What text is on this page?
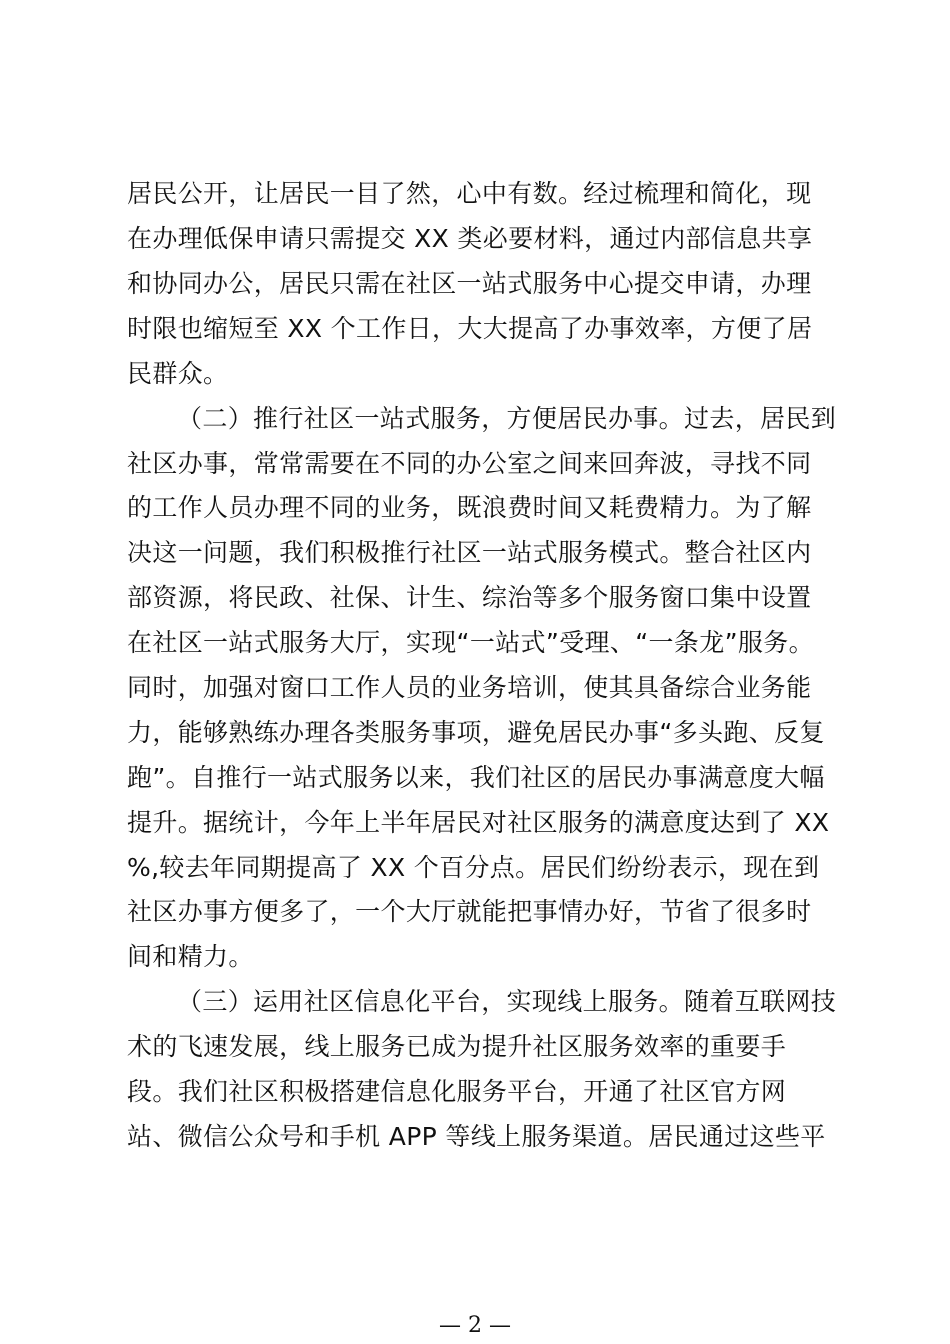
居民公开，让居民一目了然，心中有数。经过梳理和简化，现
在办理低保申请只需提交 XX 类必要材料，通过内部信息共享
和协同办公，居民只需在社区一站式服务中心提交申请，办理
时限也缩短至 XX 个工作日，大大提高了办事效率，方便了居
民群众。
（二）推行社区一站式服务，方便居民办事。过去，居民到
社区办事，常常需要在不同的办公室之间来回奔波，寻找不同
的工作人员办理不同的业务，既浪费时间又耗费精力。为了解
决这一问题，我们积极推行社区一站式服务模式。整合社区内
部资源，将民政、社保、计生、综治等多个服务窗口集中设置
在社区一站式服务大厅，实现“一站式”受理、“一条龙”服务。
同时，加强对窗口工作人员的业务培训，使其具备综合业务能
力，能够熟练办理各类服务事项，避免居民办事“多头跑、反复
跑”。自推行一站式服务以来，我们社区的居民办事满意度大幅
提升。据统计，今年上半年居民对社区服务的满意度达到了 XX
%,较去年同期提高了 XX 个百分点。居民们纷纷表示，现在到
社区办事方便多了，一个大厅就能把事情办好，节省了很多时
间和精力。
（三）运用社区信息化平台，实现线上服务。随着互联网技
术的飞速发展，线上服务已成为提升社区服务效率的重要手
段。我们社区积极搭建信息化服务平台，开通了社区官方网
站、微信公众号和手机 APP 等线上服务渠道。居民通过这些平
— 2 —
